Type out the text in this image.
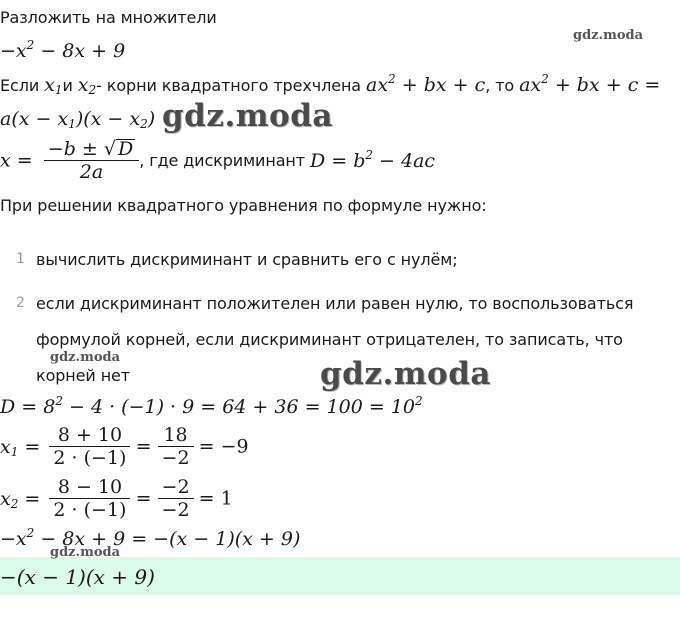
Разложить на множители
$-x^2 - 8x + 9$
gdz.moda
Если $x_1и$ $x_2-$ корни квадратного трехчлена $ax^2$ + bx + c, то $ax^2$ + bx + c =
$a(x - x_1)(x - x_2)$ gdz.moda
$x = \frac{-b \pm √ D}{2a}$ , где дискриминант $D = b^2 - 4ac$
При решении квадратного уравнения по формуле нужно:
1 вычислить дискриминант и сравнить его с нулём;
2 если дискриминант положителен или равен нулю, то воспользоваться
формулой корней, если дискриминант отрицателен, то записать, что
корней нет
gdz.moda	gdz.moda
$D = 8^2 - 4 \cdot (-1) \cdot 9 = 64 + 36 = 100 = 10^2$
$x_1 = \frac{8 + 10}{2 \cdot (-1)} = \frac{18}{-2} = -9$
$x_2 = \frac{8 - 10}{2 \cdot (-1)} = \frac{-2}{-2} = 1$
$-x^2 - 8x + 9 = -(x - 1)(x + 9)$
gdz.moda
−(x − 1)(x + 9)
